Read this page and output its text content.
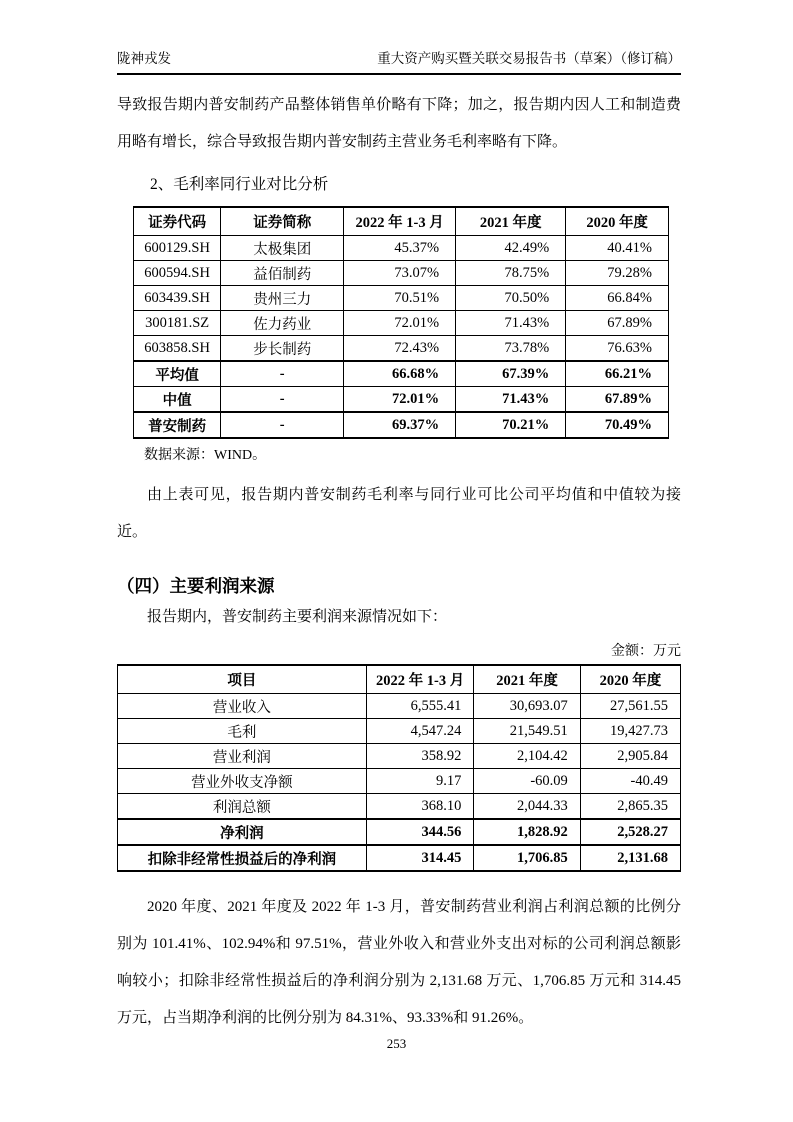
陇神戎发	重大资产购买暨关联交易报告书（草案）（修订稿）

导致报告期内普安制药产品整体销售单价略有下降；加之，报告期内因人工和制造费用略有增长，综合导致报告期内普安制药主营业务毛利率略有下降。

2、毛利率同行业对比分析
证券代码	证券简称	2022 年 1-3 月	2021 年度	2020 年度
600129.SH	太极集团	45.37%	42.49%	40.41%
600594.SH	益佰制药	73.07%	78.75%	79.28%
603439.SH	贵州三力	70.51%	70.50%	66.84%
300181.SZ	佐力药业	72.01%	71.43%	67.89%
603858.SH	步长制药	72.43%	73.78%	76.63%
平均值	-	66.68%	67.39%	66.21%
中值	-	72.01%	71.43%	67.89%
普安制药	-	69.37%	70.21%	70.49%
数据来源：WIND。

由上表可见，报告期内普安制药毛利率与同行业可比公司平均值和中值较为接近。

（四）主要利润来源

报告期内，普安制药主要利润来源情况如下：

金额：万元
项目	2022 年 1-3 月	2021 年度	2020 年度
营业收入	6,555.41	30,693.07	27,561.55
毛利	4,547.24	21,549.51	19,427.73
营业利润	358.92	2,104.42	2,905.84
营业外收支净额	9.17	-60.09	-40.49
利润总额	368.10	2,044.33	2,865.35
净利润	344.56	1,828.92	2,528.27
扣除非经常性损益后的净利润	314.45	1,706.85	2,131.68

2020 年度、2021 年度及 2022 年 1-3 月，普安制药营业利润占利润总额的比例分别为 101.41%、102.94%和 97.51%，营业外收入和营业外支出对标的公司利润总额影响较小；扣除非经常性损益后的净利润分别为 2,131.68 万元、1,706.85 万元和 314.45 万元，占当期净利润的比例分别为 84.31%、93.33%和 91.26%。

253
